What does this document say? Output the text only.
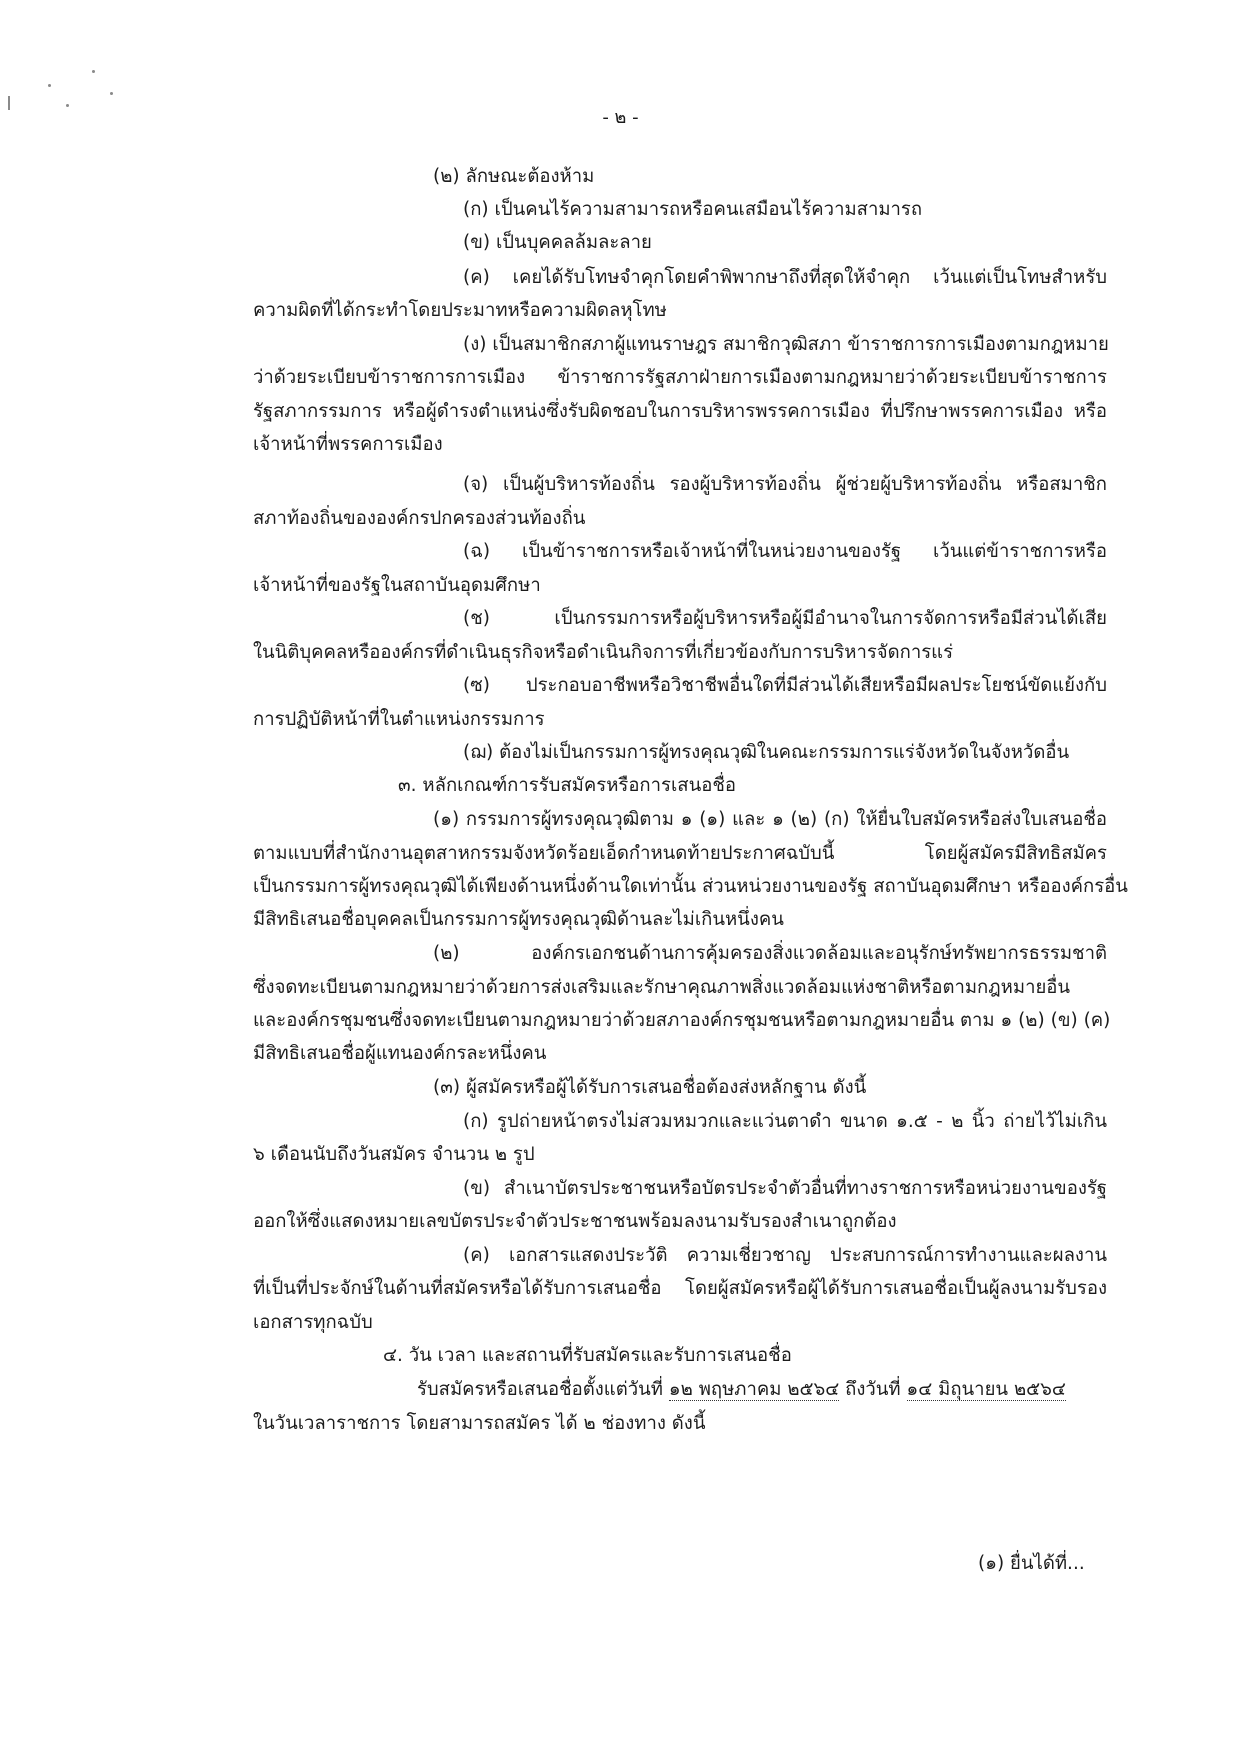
- ๒ -
(๒) ลักษณะต้องห้าม
(ก) เป็นคนไร้ความสามารถหรือคนเสมือนไร้ความสามารถ
(ข) เป็นบุคคลล้มละลาย
(ค) เคยได้รับโทษจำคุกโดยคำพิพากษาถึงที่สุดให้จำคุก เว้นแต่เป็นโทษสำหรับ
ความผิดที่ได้กระทำโดยประมาทหรือความผิดลหุโทษ
(ง) เป็นสมาชิกสภาผู้แทนราษฎร สมาชิกวุฒิสภา ข้าราชการการเมืองตามกฎหมาย
ว่าด้วยระเบียบข้าราชการการเมือง ข้าราชการรัฐสภาฝ่ายการเมืองตามกฎหมายว่าด้วยระเบียบข้าราชการ
รัฐสภากรรมการ หรือผู้ดำรงตำแหน่งซึ่งรับผิดชอบในการบริหารพรรคการเมือง ที่ปรึกษาพรรคการเมือง หรือ
เจ้าหน้าที่พรรคการเมือง
(จ) เป็นผู้บริหารท้องถิ่น รองผู้บริหารท้องถิ่น ผู้ช่วยผู้บริหารท้องถิ่น หรือสมาชิก
สภาท้องถิ่นขององค์กรปกครองส่วนท้องถิ่น
(ฉ) เป็นข้าราชการหรือเจ้าหน้าที่ในหน่วยงานของรัฐ เว้นแต่ข้าราชการหรือ
เจ้าหน้าที่ของรัฐในสถาบันอุดมศึกษา
(ช) เป็นกรรมการหรือผู้บริหารหรือผู้มีอำนาจในการจัดการหรือมีส่วนได้เสีย
ในนิติบุคคลหรือองค์กรที่ดำเนินธุรกิจหรือดำเนินกิจการที่เกี่ยวข้องกับการบริหารจัดการแร่
(ซ) ประกอบอาชีพหรือวิชาชีพอื่นใดที่มีส่วนได้เสียหรือมีผลประโยชน์ขัดแย้งกับ
การปฏิบัติหน้าที่ในตำแหน่งกรรมการ
(ฌ) ต้องไม่เป็นกรรมการผู้ทรงคุณวุฒิในคณะกรรมการแร่จังหวัดในจังหวัดอื่น
๓. หลักเกณฑ์การรับสมัครหรือการเสนอชื่อ
(๑) กรรมการผู้ทรงคุณวุฒิตาม ๑ (๑) และ ๑ (๒) (ก) ให้ยื่นใบสมัครหรือส่งใบเสนอชื่อ
ตามแบบที่สำนักงานอุตสาหกรรมจังหวัดร้อยเอ็ดกำหนดท้ายประกาศฉบับนี้ โดยผู้สมัครมีสิทธิสมัคร
เป็นกรรมการผู้ทรงคุณวุฒิได้เพียงด้านหนึ่งด้านใดเท่านั้น ส่วนหน่วยงานของรัฐ สถาบันอุดมศึกษา หรือองค์กรอื่น
มีสิทธิเสนอชื่อบุคคลเป็นกรรมการผู้ทรงคุณวุฒิด้านละไม่เกินหนึ่งคน
(๒) องค์กรเอกชนด้านการคุ้มครองสิ่งแวดล้อมและอนุรักษ์ทรัพยากรธรรมชาติ
ซึ่งจดทะเบียนตามกฎหมายว่าด้วยการส่งเสริมและรักษาคุณภาพสิ่งแวดล้อมแห่งชาติหรือตามกฎหมายอื่น
และองค์กรชุมชนซึ่งจดทะเบียนตามกฎหมายว่าด้วยสภาองค์กรชุมชนหรือตามกฎหมายอื่น ตาม ๑ (๒) (ข) (ค)
มีสิทธิเสนอชื่อผู้แทนองค์กรละหนึ่งคน
(๓) ผู้สมัครหรือผู้ได้รับการเสนอชื่อต้องส่งหลักฐาน ดังนี้
(ก) รูปถ่ายหน้าตรงไม่สวมหมวกและแว่นตาดำ ขนาด ๑.๕ - ๒ นิ้ว ถ่ายไว้ไม่เกิน
๖ เดือนนับถึงวันสมัคร จำนวน ๒ รูป
(ข) สำเนาบัตรประชาชนหรือบัตรประจำตัวอื่นที่ทางราชการหรือหน่วยงานของรัฐ
ออกให้ซึ่งแสดงหมายเลขบัตรประจำตัวประชาชนพร้อมลงนามรับรองสำเนาถูกต้อง
(ค) เอกสารแสดงประวัติ ความเชี่ยวชาญ ประสบการณ์การทำงานและผลงาน
ที่เป็นที่ประจักษ์ในด้านที่สมัครหรือได้รับการเสนอชื่อ โดยผู้สมัครหรือผู้ได้รับการเสนอชื่อเป็นผู้ลงนามรับรอง
เอกสารทุกฉบับ
๔. วัน เวลา และสถานที่รับสมัครและรับการเสนอชื่อ
รับสมัครหรือเสนอชื่อตั้งแต่วันที่ ๑๒ พฤษภาคม ๒๕๖๔ ถึงวันที่ ๑๔ มิถุนายน ๒๕๖๔
ในวันเวลาราชการ โดยสามารถสมัคร ได้ ๒ ช่องทาง ดังนี้
(๑) ยื่นได้ที่...
